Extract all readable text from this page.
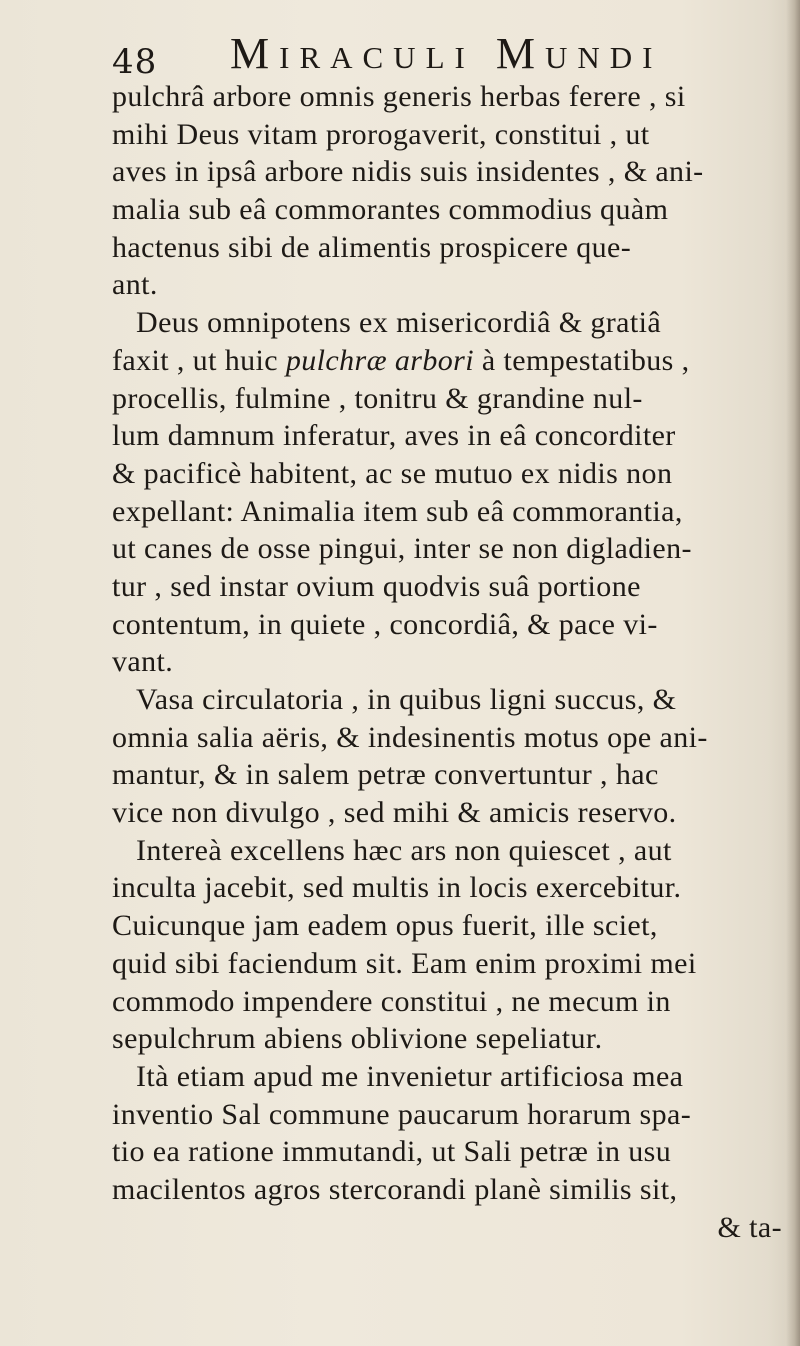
48 Miraculi Mundi
pulchrâ arbore omnis generis herbas ferere , si
mihi Deus vitam prorogaverit, constitui , ut
aves in ipsâ arbore nidis suis insidentes , & ani-
malia sub eâ commorantes commodius quàm
hactenus sibi de alimentis prospicere que-
ant.
Deus omnipotens ex misericordiâ & gratiâ
faxit , ut huic pulchræ arbori à tempestatibus ,
procellis, fulmine , tonitru & grandine nul-
lum damnum inferatur, aves in eâ concorditer
& pacificè habitent, ac se mutuo ex nidis non
expellant: Animalia item sub eâ commorantia,
ut canes de osse pingui, inter se non digladien-
tur , sed instar ovium quodvis suâ portione
contentum, in quiete , concordiâ, & pace vi-
vant.
Vasa circulatoria , in quibus ligni succus, &
omnia salia aëris, & indesinentis motus ope ani-
mantur, & in salem petræ convertuntur , hac
vice non divulgo , sed mihi & amicis reservo.
Intereà excellens hæc ars non quiescet , aut
inculta jacebit, sed multis in locis exercebitur.
Cuicunque jam eadem opus fuerit, ille sciet,
quid sibi faciendum sit. Eam enim proximi mei
commodo impendere constitui , ne mecum in
sepulchrum abiens oblivione sepeliatur.
Ità etiam apud me invenietur artificiosa mea
inventio Sal commune paucarum horarum spa-
tio ea ratione immutandi, ut Sali petræ in usu
macilentos agros stercorandi planè similis sit,
& ta-
